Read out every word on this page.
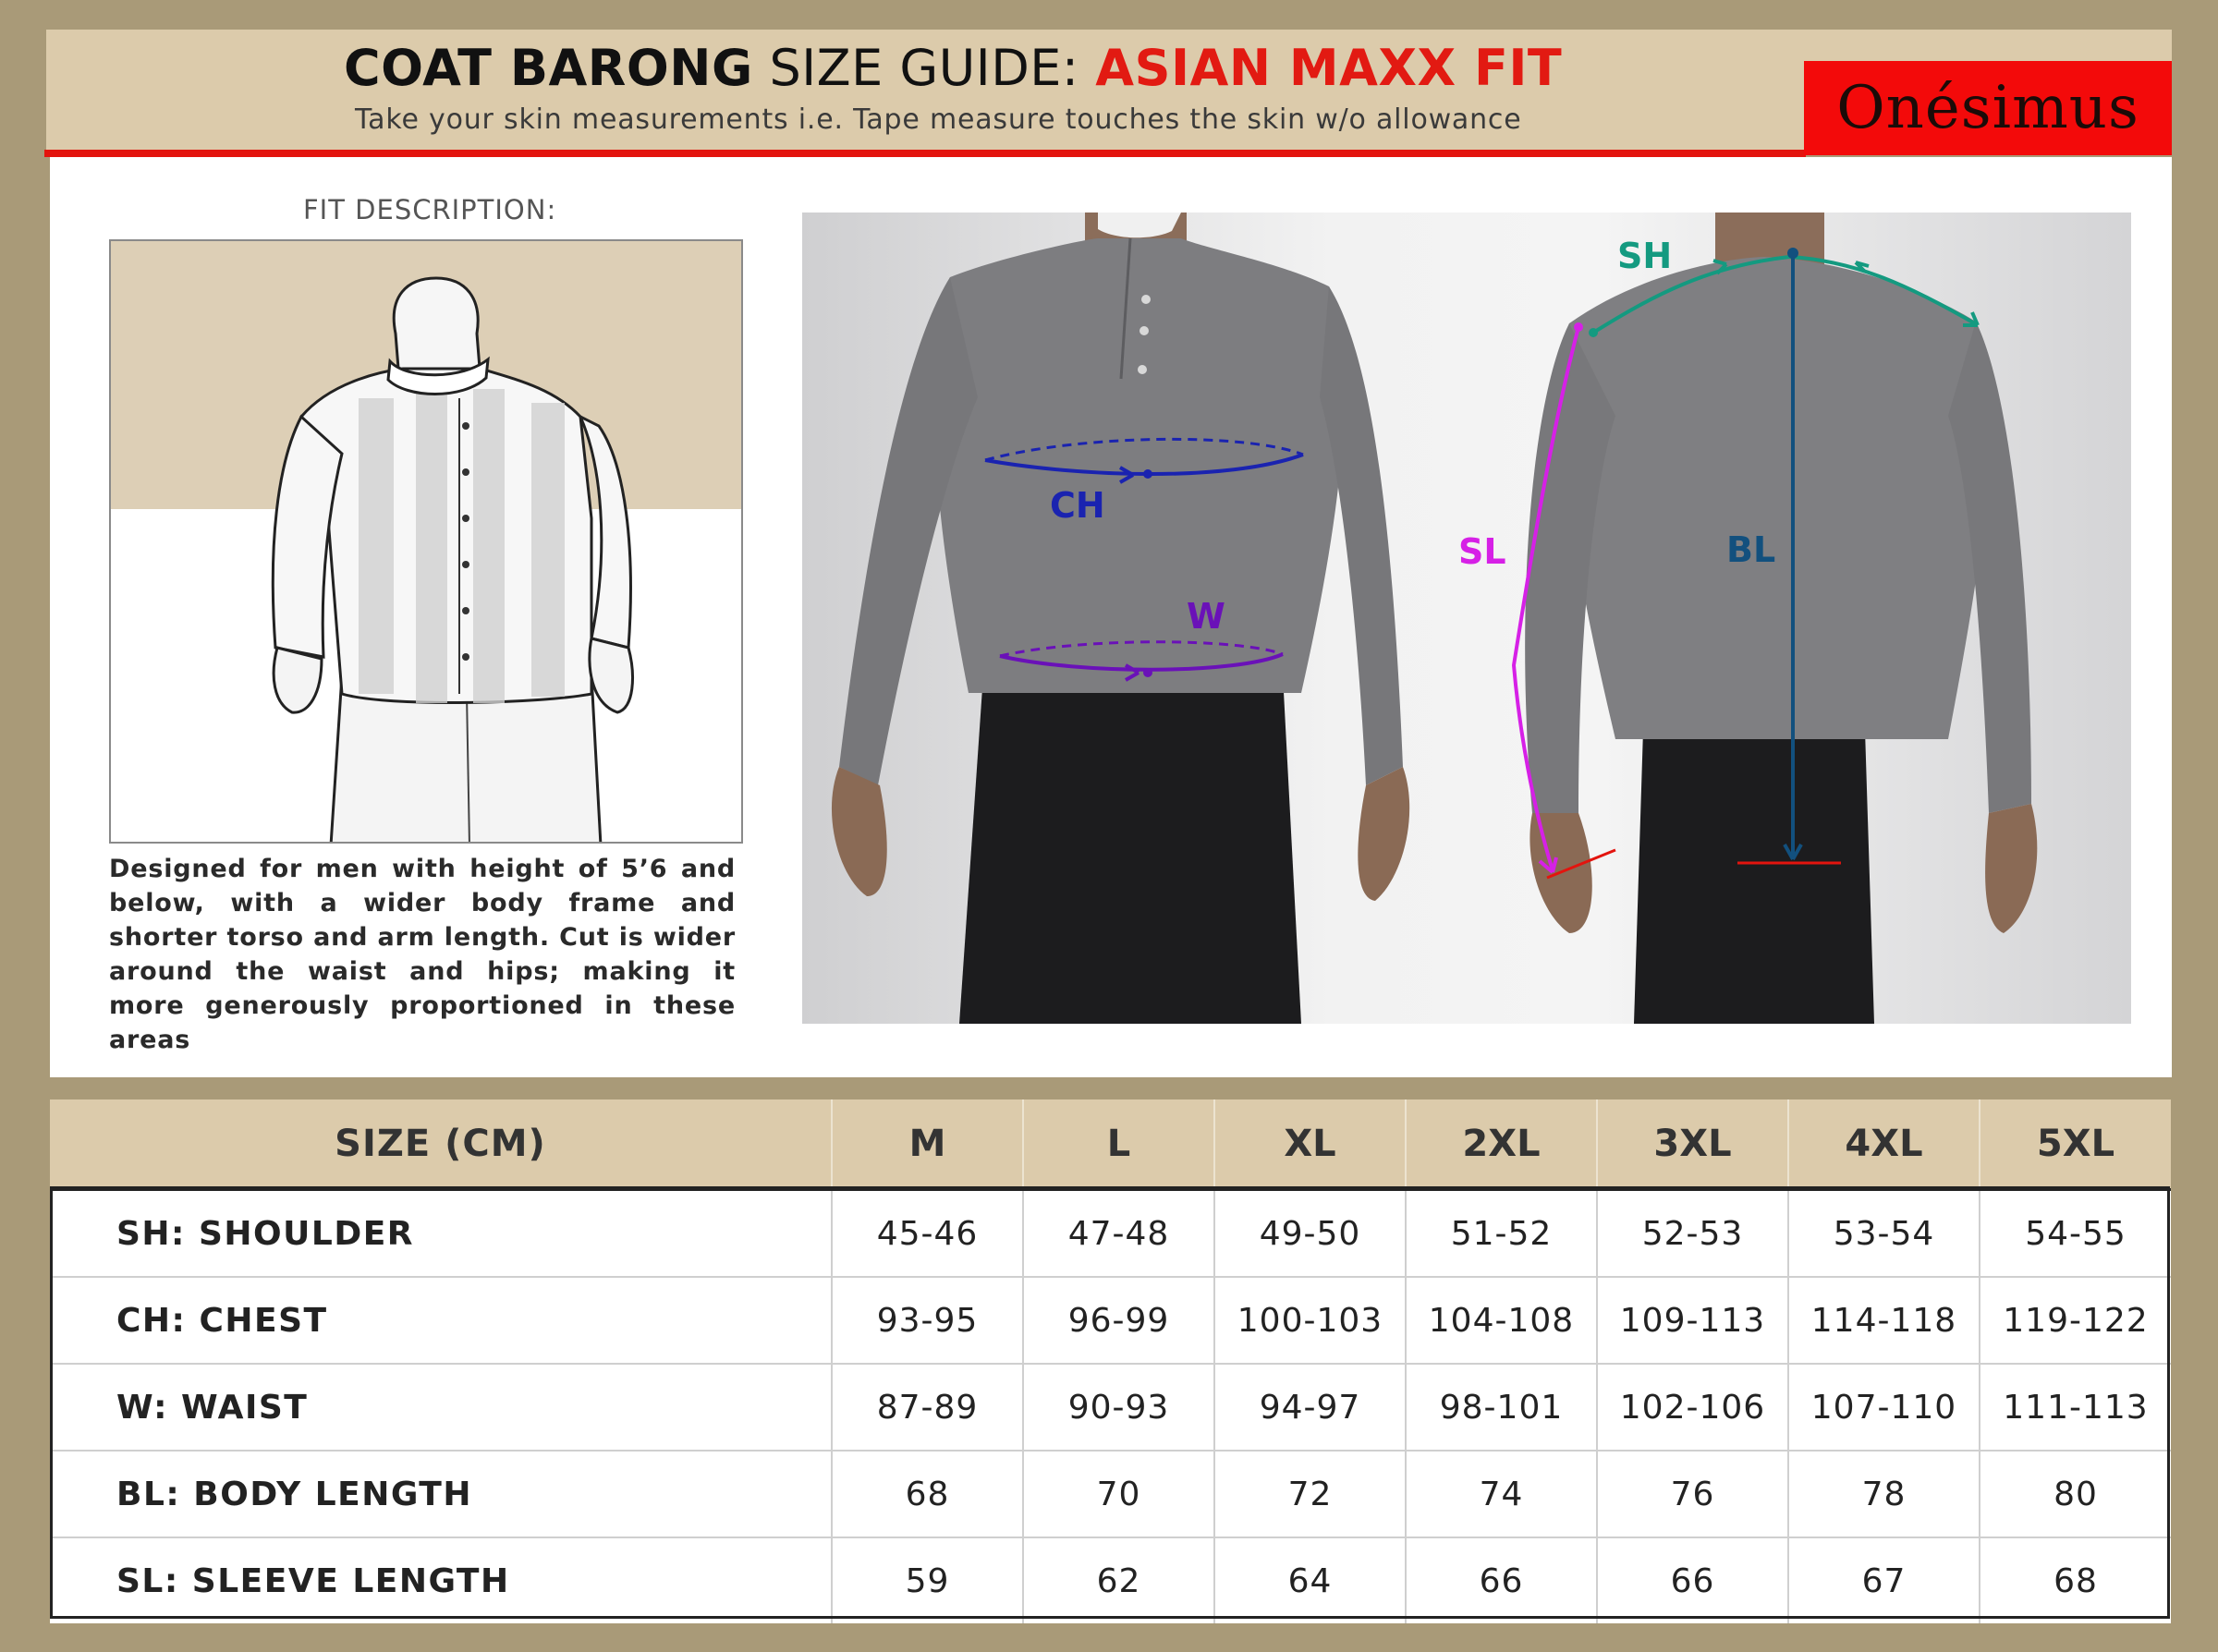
COAT BARONG SIZE GUIDE: ASIAN MAXX FIT
Take your skin measurements i.e. Tape measure touches the skin w/o allowance	Onésimus
FIT DESCRIPTION:

Designed for men with height of 5’6 and below, with a wider body frame and shorter torso and arm length. Cut is wider around the waist and hips; making it more generously proportioned in these areas

CH
W
SH
BL
SL
SIZE (CM)	M	L	XL	2XL	3XL	4XL	5XL
SH: SHOULDER	45-46	47-48	49-50	51-52	52-53	53-54	54-55
CH: CHEST	93-95	96-99	100-103	104-108	109-113	114-118	119-122
W: WAIST	87-89	90-93	94-97	98-101	102-106	107-110	111-113
BL: BODY LENGTH	68	70	72	74	76	78	80
SL: SLEEVE LENGTH	59	62	64	66	66	67	68
